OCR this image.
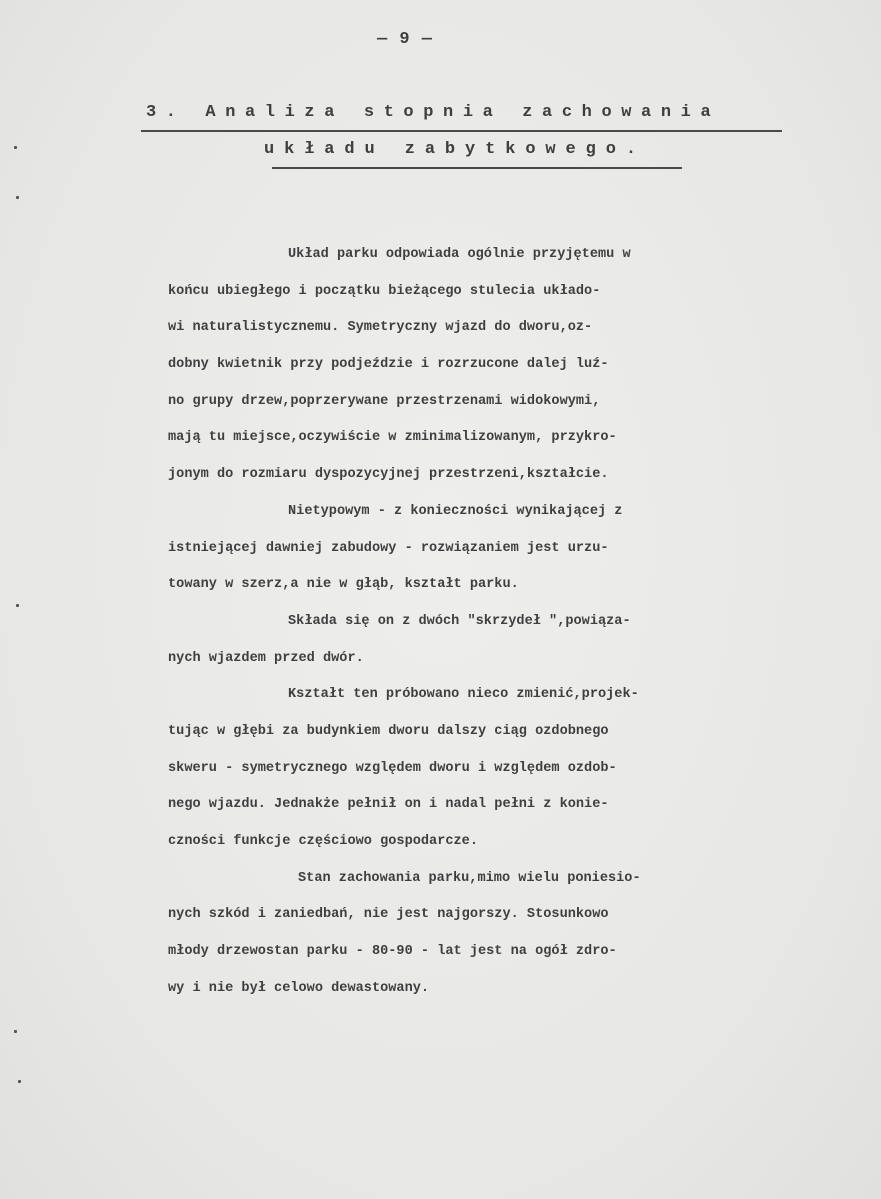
— 9 —
3. Analiza stopnia zachowania
układu zabytkowego.
Układ parku odpowiada ogólnie przyjętemu w
końcu ubiegłego i początku bieżącego stulecia układo-
wi naturalistycznemu. Symetryczny wjazd do dworu,oz-
dobny kwietnik przy podjeździe i rozrzucone dalej luź-
no grupy drzew,poprzerywane przestrzenami widokowymi,
mają tu miejsce,oczywiście w zminimalizowanym, przykro-
jonym do rozmiaru dyspozycyjnej przestrzeni,kształcie.
Nietypowym - z konieczności wynikającej z
istniejącej dawniej zabudowy - rozwiązaniem jest urzu-
towany w szerz,a nie w głąb, kształt parku.
Składa się on z dwóch "skrzydeł ",powiąza-
nych wjazdem przed dwór.
Kształt ten próbowano nieco zmienić,projek-
tując w głębi za budynkiem dworu dalszy ciąg ozdobnego
skweru - symetrycznego względem dworu i względem ozdob-
nego wjazdu. Jednakże pełnił on i nadal pełni z konie-
czności funkcje częściowo gospodarcze.
Stan zachowania parku,mimo wielu poniesio-
nych szkód i zaniedbań, nie jest najgorszy. Stosunkowo
młody drzewostan parku - 80-90 - lat jest na ogół zdro-
wy i nie był celowo dewastowany.
